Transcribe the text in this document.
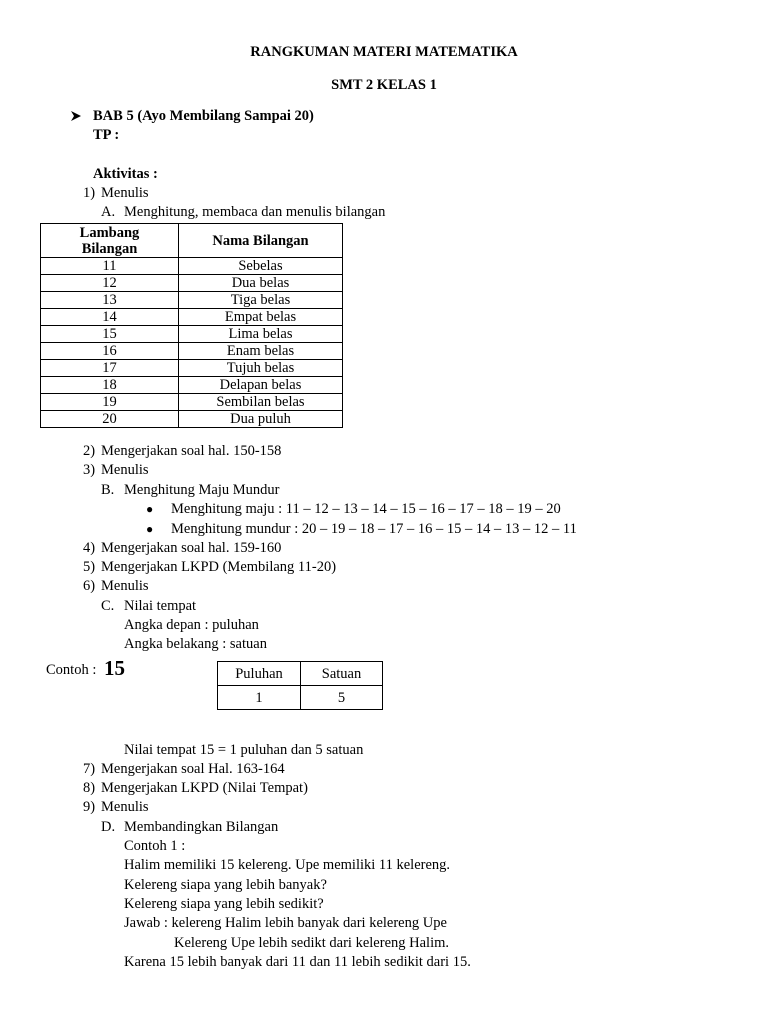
RANGKUMAN MATERI MATEMATIKA
SMT 2 KELAS 1
BAB 5 (Ayo Membilang Sampai 20)
TP :
Aktivitas :
1) Menulis
A. Menghitung, membaca dan menulis bilangan
Lambang
Bilangan	Nama Bilangan
11	Sebelas
12	Dua belas
13	Tiga belas
14	Empat belas
15	Lima belas
16	Enam belas
17	Tujuh belas
18	Delapan belas
19	Sembilan belas
20	Dua puluh
2) Mengerjakan soal hal. 150-158
3) Menulis
B. Menghitung Maju Mundur
● Menghitung maju : 11 – 12 – 13 – 14 – 15 – 16 – 17 – 18 – 19 – 20
● Menghitung mundur : 20 – 19 – 18 – 17 – 16 – 15 – 14 – 13 – 12 – 11
4) Mengerjakan soal hal. 159-160
5) Mengerjakan LKPD (Membilang 11-20)
6) Menulis
C. Nilai tempat
Angka depan : puluhan
Angka belakang : satuan
Contoh : 15	Puluhan	Satuan
1	5
Nilai tempat 15 = 1 puluhan dan 5 satuan
7) Mengerjakan soal Hal. 163-164
8) Mengerjakan LKPD (Nilai Tempat)
9) Menulis
D. Membandingkan Bilangan
Contoh 1 :
Halim memiliki 15 kelereng. Upe memiliki 11 kelereng.
Kelereng siapa yang lebih banyak?
Kelereng siapa yang lebih sedikit?
Jawab : kelereng Halim lebih banyak dari kelereng Upe
Kelereng Upe lebih sedikt dari kelereng Halim.
Karena 15 lebih banyak dari 11 dan 11 lebih sedikit dari 15.
